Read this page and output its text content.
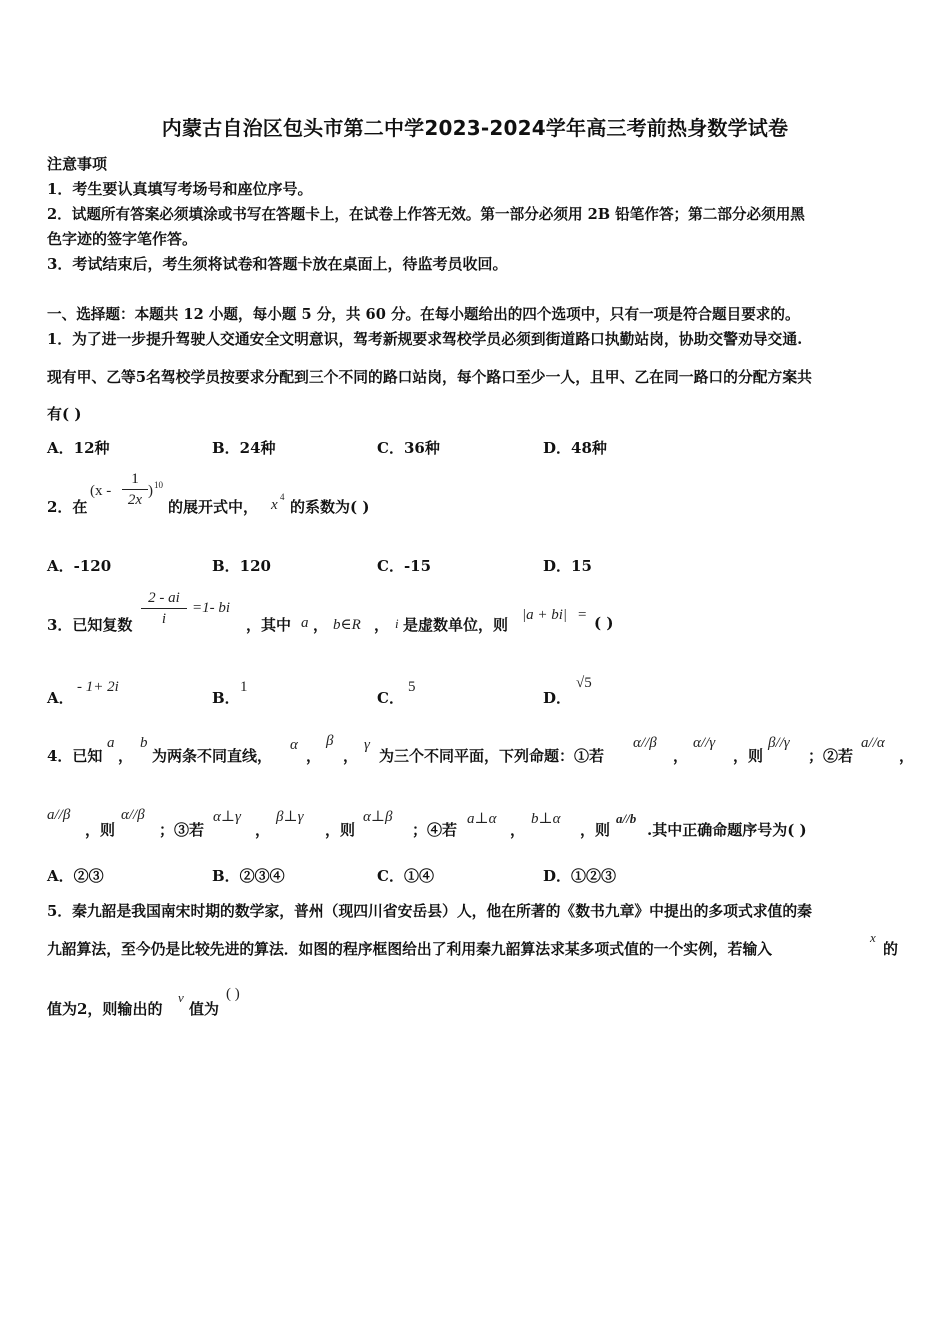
内蒙古自治区包头市第二中学2023-2024学年高三考前热身数学试卷
注意事项
1．考生要认真填写考场号和座位序号。
2．试题所有答案必须填涂或书写在答题卡上，在试卷上作答无效。第一部分必须用 2B 铅笔作答；第二部分必须用黑
色字迹的签字笔作答。
3．考试结束后，考生须将试卷和答题卡放在桌面上，待监考员收回。
一、选择题：本题共 12 小题，每小题 5 分，共 60 分。在每小题给出的四个选项中，只有一项是符合题目要求的。
1．为了进一步提升驾驶人交通安全文明意识，驾考新规要求驾校学员必须到街道路口执勤站岗，协助交警劝导交通.
现有甲、乙等5名驾校学员按要求分配到三个不同的路口站岗，每个路口至少一人，且甲、乙在同一路口的分配方案共
有( )
A．12种	B．24种	C．36种	D．48种
2．在
(x -
1
2x
) 10
的展开式中， x 4
的系数为( )
A．-120	B．120	C．-15	D．15
3．已知复数
2 - ai
i
=1- bi
，其中 a ， b∈R ， i 是虚数单位，则
|a + bi| = ( )
A．
- 1+ 2i
B．
1
C．
5
D．
√5
4．已知
a
，
b
为两条不同直线，
α
，
β
，
γ
为三个不同平面，下列命题：①若
α//β
，
α//γ
，则
β//γ
；②若
a//α
，
a//β
，则
α//β
；③若
α⊥γ
，
β⊥γ
，则
α⊥β
；④若
a⊥α
，
b⊥α
，则
a//b
.其中正确命题序号为( )
A．②③	B．②③④	C．①④	D．①②③
5．秦九韶是我国南宋时期的数学家，普州（现四川省安岳县）人，他在所著的《数书九章》中提出的多项式求值的秦
九韶算法，至今仍是比较先进的算法．如图的程序框图给出了利用秦九韶算法求某多项式值的一个实例，若输入
x
的
值为2，则输出的
v
值为
( )
